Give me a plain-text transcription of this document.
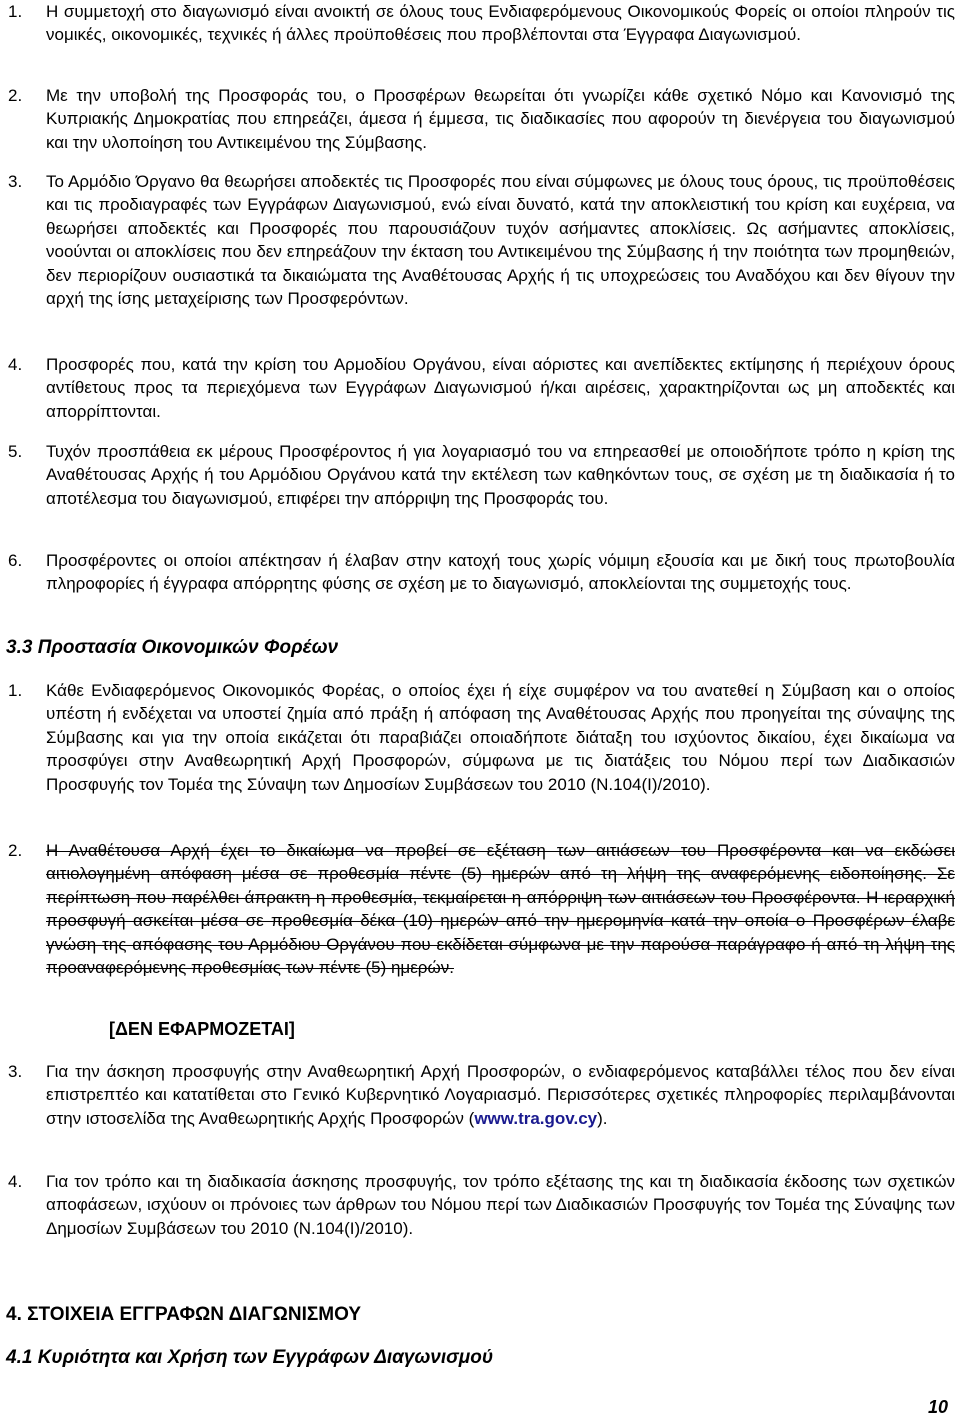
1. Η συμμετοχή στο διαγωνισμό είναι ανοικτή σε όλους τους Ενδιαφερόμενους Οικονομικούς Φορείς οι οποίοι πληρούν τις νομικές, οικονομικές, τεχνικές ή άλλες προϋποθέσεις που προβλέπονται στα Έγγραφα Διαγωνισμού.
2. Με την υποβολή της Προσφοράς του, ο Προσφέρων θεωρείται ότι γνωρίζει κάθε σχετικό Νόμο και Κανονισμό της Κυπριακής Δημοκρατίας που επηρεάζει, άμεσα ή έμμεσα, τις διαδικασίες που αφορούν τη διενέργεια του διαγωνισμού και την υλοποίηση του Αντικειμένου της Σύμβασης.
3. Το Αρμόδιο Όργανο θα θεωρήσει αποδεκτές τις Προσφορές που είναι σύμφωνες με όλους τους όρους, τις προϋποθέσεις και τις προδιαγραφές των Εγγράφων Διαγωνισμού, ενώ είναι δυνατό, κατά την αποκλειστική του κρίση και ευχέρεια, να θεωρήσει αποδεκτές και Προσφορές που παρουσιάζουν τυχόν ασήμαντες αποκλίσεις. Ως ασήμαντες αποκλίσεις, νοούνται οι αποκλίσεις που δεν επηρεάζουν την έκταση του Αντικειμένου της Σύμβασης ή την ποιότητα των προμηθειών, δεν περιορίζουν ουσιαστικά τα δικαιώματα της Αναθέτουσας Αρχής ή τις υποχρεώσεις του Αναδόχου και δεν θίγουν την αρχή της ίσης μεταχείρισης των Προσφερόντων.
4. Προσφορές που, κατά την κρίση του Αρμοδίου Οργάνου, είναι αόριστες και ανεπίδεκτες εκτίμησης ή περιέχουν όρους αντίθετους προς τα περιεχόμενα των Εγγράφων Διαγωνισμού ή/και αιρέσεις, χαρακτηρίζονται ως μη αποδεκτές και απορρίπτονται.
5. Τυχόν προσπάθεια εκ μέρους Προσφέροντος ή για λογαριασμό του να επηρεασθεί με οποιοδήποτε τρόπο η κρίση της Αναθέτουσας Αρχής ή του Αρμόδιου Οργάνου κατά την εκτέλεση των καθηκόντων τους, σε σχέση με τη διαδικασία ή το αποτέλεσμα του διαγωνισμού, επιφέρει την απόρριψη της Προσφοράς του.
6. Προσφέροντες οι οποίοι απέκτησαν ή έλαβαν στην κατοχή τους χωρίς νόμιμη εξουσία και με δική τους πρωτοβουλία πληροφορίες ή έγγραφα απόρρητης φύσης σε σχέση με το διαγωνισμό, αποκλείονται της συμμετοχής τους.
3.3 Προστασία Οικονομικών Φορέων
1. Κάθε Ενδιαφερόμενος Οικονομικός Φορέας, ο οποίος έχει ή είχε συμφέρον να του ανατεθεί η Σύμβαση και ο οποίος υπέστη ή ενδέχεται να υποστεί ζημία από πράξη ή απόφαση της Αναθέτουσας Αρχής που προηγείται της σύναψης της Σύμβασης και για την οποία εικάζεται ότι παραβιάζει οποιαδήποτε διάταξη του ισχύοντος δικαίου, έχει δικαίωμα να προσφύγει στην Αναθεωρητική Αρχή Προσφορών, σύμφωνα με τις διατάξεις του Νόμου περί των Διαδικασιών Προσφυγής τον Τομέα της Σύναψη των Δημοσίων Συμβάσεων του 2010 (Ν.104(Ι)/2010).
2. Η Αναθέτουσα Αρχή έχει το δικαίωμα να προβεί σε εξέταση των αιτιάσεων του Προσφέροντα και να εκδώσει αιτιολογημένη απόφαση μέσα σε προθεσμία πέντε (5) ημερών από τη λήψη της αναφερόμενης ειδοποίησης. Σε περίπτωση που παρέλθει άπρακτη η προθεσμία, τεκμαίρεται η απόρριψη των αιτιάσεων του Προσφέροντα. Η ιεραρχική προσφυγή ασκείται μέσα σε προθεσμία δέκα (10) ημερών από την ημερομηνία κατά την οποία ο Προσφέρων έλαβε γνώση της απόφασης του Αρμόδιου Οργάνου που εκδίδεται σύμφωνα με την παρούσα παράγραφο ή από τη λήψη της προαναφερόμενης προθεσμίας των πέντε (5) ημερών.
[ΔΕΝ ΕΦΑΡΜΟΖΕΤΑΙ]
3. Για την άσκηση προσφυγής στην Αναθεωρητική Αρχή Προσφορών, ο ενδιαφερόμενος καταβάλλει τέλος που δεν είναι επιστρεπτέο και κατατίθεται στο Γενικό Κυβερνητικό Λογαριασμό. Περισσότερες σχετικές πληροφορίες περιλαμβάνονται στην ιστοσελίδα της Αναθεωρητικής Αρχής Προσφορών (www.tra.gov.cy).
4. Για τον τρόπο και τη διαδικασία άσκησης προσφυγής, τον τρόπο εξέτασης της και τη διαδικασία έκδοσης των σχετικών αποφάσεων, ισχύουν οι πρόνοιες των άρθρων του Νόμου περί των Διαδικασιών Προσφυγής τον Τομέα της Σύναψης των Δημοσίων Συμβάσεων του 2010 (Ν.104(Ι)/2010).
4. ΣΤΟΙΧΕΙΑ ΕΓΓΡΑΦΩΝ ΔΙΑΓΩΝΙΣΜΟΥ
4.1 Κυριότητα και Χρήση των Εγγράφων Διαγωνισμού
10
